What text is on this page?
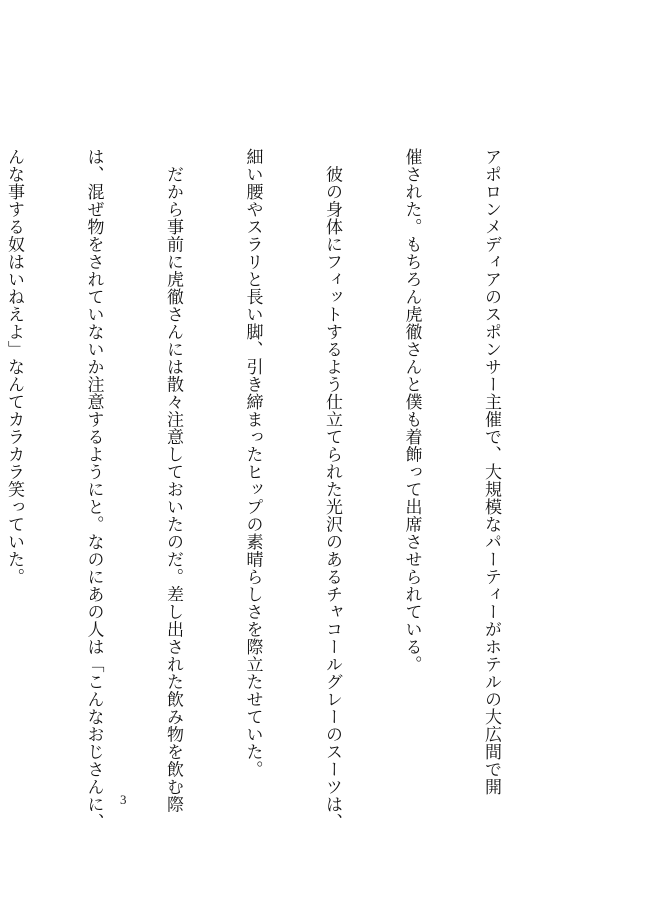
アポロンメディアのスポンサー主催で、大規模なパーティーがホテルの大広間で開

催された。もちろん虎徹さんと僕も着飾って出席させられている。

　彼の身体にフィットするよう仕立てられた光沢のあるチャコールグレーのスーツは、

細い腰やスラリと長い脚、引き締まったヒップの素晴らしさを際立たせていた。

　だから事前に虎徹さんには散々注意しておいたのだ。差し出された飲み物を飲む際

は、混ぜ物をされていないか注意するようにと。なのにあの人は「こんなおじさんに、

んな事する奴はいねえよ」なんてカラカラ笑っていた。

3
